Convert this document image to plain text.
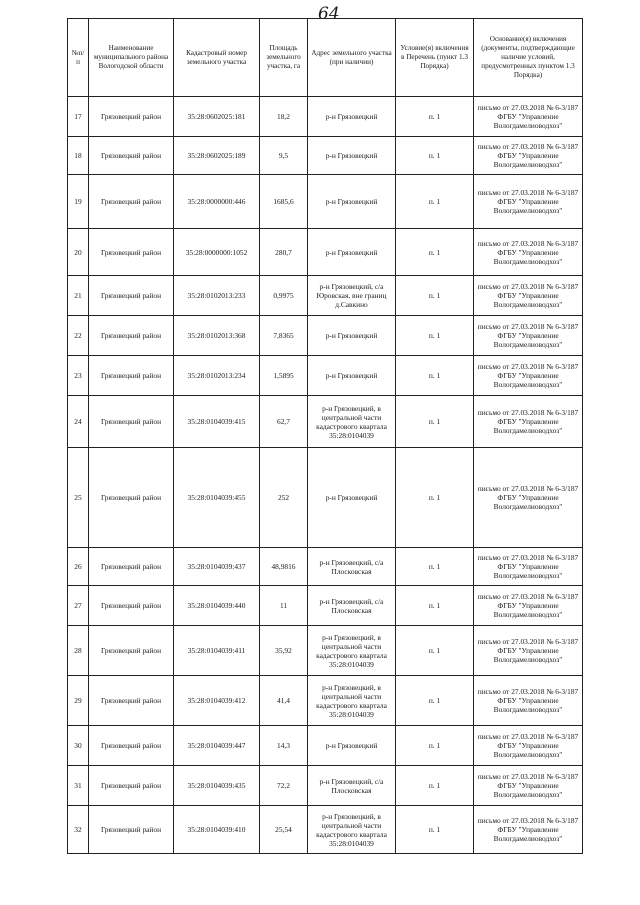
64
№п/п	Наименование муниципального района Вологодской области	Кадастровый номер земельного участка	Площадь земельного участка, га	Адрес земельного участка (при наличии)	Условие(я) включения в Перечень (пункт 1.3 Порядка)	Основание(я) включения (документы, подтверждающие наличие условий, предусмотренных пунктом 1.3 Порядка)
17	Грязовецкий район	35:28:0602025:181	18,2	р-н Грязовецкий	п. 1	письмо от 27.03.2018 № 6-3/187 ФГБУ "Управление Вологдамелиоводхоз"
18	Грязовецкий район	35:28:0602025:189	9,5	р-н Грязовецкий	п. 1	письмо от 27.03.2018 № 6-3/187 ФГБУ "Управление Вологдамелиоводхоз"
19	Грязовецкий район	35:28:0000000:446	1685,6	р-н Грязовецкий	п. 1	письмо от 27.03.2018 № 6-3/187 ФГБУ "Управление Вологдамелиоводхоз"
20	Грязовецкий район	35:28:0000000:1052	280,7	р-н Грязовецкий	п. 1	письмо от 27.03.2018 № 6-3/187 ФГБУ "Управление Вологдамелиоводхоз"
21	Грязовецкий район	35:28:0102013:233	0,9975	р-н Грязовецкий, с/а Юровская, вне границ д.Савкино	п. 1	письмо от 27.03.2018 № 6-3/187 ФГБУ "Управление Вологдамелиоводхоз"
22	Грязовецкий район	35:28:0102013:368	7,8365	р-н Грязовецкий	п. 1	письмо от 27.03.2018 № 6-3/187 ФГБУ "Управление Вологдамелиоводхоз"
23	Грязовецкий район	35:28:0102013:234	1,5895	р-н Грязовецкий	п. 1	письмо от 27.03.2018 № 6-3/187 ФГБУ "Управление Вологдамелиоводхоз"
24	Грязовецкий район	35:28:0104039:415	62,7	р-н Грязовецкий, в центральной части кадастрового квартала 35:28:0104039	п. 1	письмо от 27.03.2018 № 6-3/187 ФГБУ "Управление Вологдамелиоводхоз"
25	Грязовецкий район	35:28:0104039:455	252	р-н Грязовецкий	п. 1	письмо от 27.03.2018 № 6-3/187 ФГБУ "Управление Вологдамелиоводхоз"
26	Грязовецкий район	35:28:0104039:437	48,9816	р-н Грязовецкий, с/а Плосковская	п. 1	письмо от 27.03.2018 № 6-3/187 ФГБУ "Управление Вологдамелиоводхоз"
27	Грязовецкий район	35:28:0104039:440	11	р-н Грязовецкий, с/а Плосковская	п. 1	письмо от 27.03.2018 № 6-3/187 ФГБУ "Управление Вологдамелиоводхоз"
28	Грязовецкий район	35:28:0104039:411	35,92	р-н Грязовецкий, в центральной части кадастрового квартала 35:28:0104039	п. 1	письмо от 27.03.2018 № 6-3/187 ФГБУ "Управление Вологдамелиоводхоз"
29	Грязовецкий район	35:28:0104039:412	41,4	р-н Грязовецкий, в центральной части кадастрового квартала 35:28:0104039	п. 1	письмо от 27.03.2018 № 6-3/187 ФГБУ "Управление Вологдамелиоводхоз"
30	Грязовецкий район	35:28:0104039:447	14,3	р-н Грязовецкий	п. 1	письмо от 27.03.2018 № 6-3/187 ФГБУ "Управление Вологдамелиоводхоз"
31	Грязовецкий район	35:28:0104039:435	72,2	р-н Грязовецкий, с/а Плосковская	п. 1	письмо от 27.03.2018 № 6-3/187 ФГБУ "Управление Вологдамелиоводхоз"
32	Грязовецкий район	35:28:0104039:410	25,54	р-н Грязовецкий, в центральной части кадастрового квартала 35:28:0104039	п. 1	письмо от 27.03.2018 № 6-3/187 ФГБУ "Управление Вологдамелиоводхоз"
